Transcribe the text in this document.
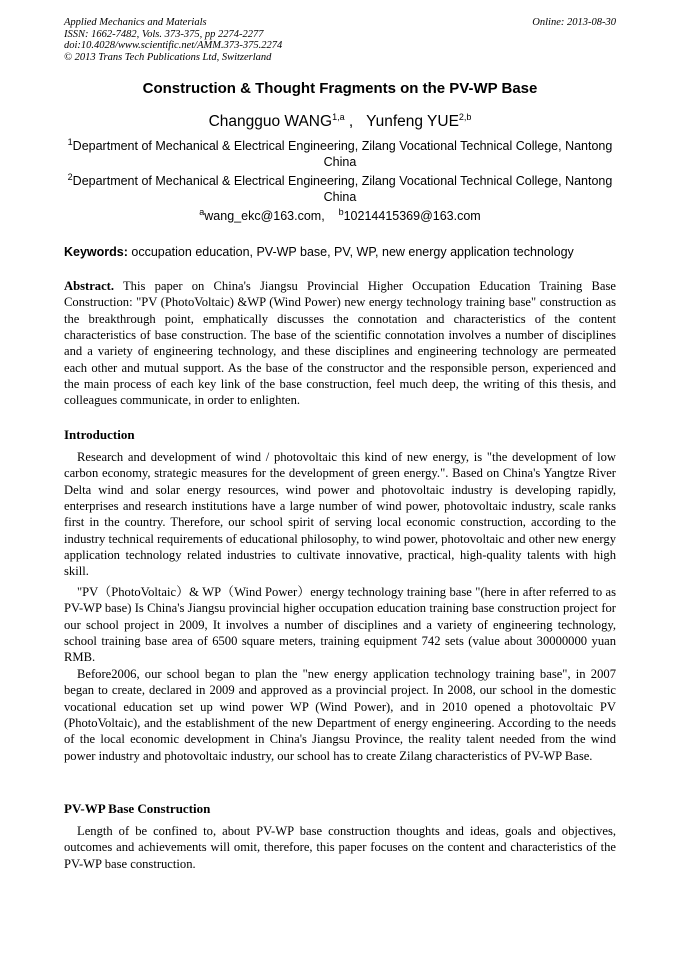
Applied Mechanics and Materials
ISSN: 1662-7482, Vols. 373-375, pp 2274-2277
doi:10.4028/www.scientific.net/AMM.373-375.2274
© 2013 Trans Tech Publications Ltd, Switzerland
Online: 2013-08-30
Construction & Thought Fragments on the PV-WP Base
Changguo WANG$^{1,a}$ , Yunfeng YUE$^{2,b}$
$^1$Department of Mechanical & Electrical Engineering, Zilang Vocational Technical College, Nantong China
$^2$Department of Mechanical & Electrical Engineering, Zilang Vocational Technical College, Nantong China
$^a$wang_ekc@163.com, $^b$10214415369@163.com
Keywords: occupation education, PV-WP base, PV, WP, new energy application technology
Abstract. This paper on China's Jiangsu Provincial Higher Occupation Education Training Base Construction: "PV (PhotoVoltaic) &WP (Wind Power) new energy technology training base" construction as the breakthrough point, emphatically discusses the connotation and characteristics of the content characteristics of base construction. The base of the scientific connotation involves a number of disciplines and a variety of engineering technology, and these disciplines and engineering technology are permeated each other and mutual support. As the base of the constructor and the responsible person, experienced and the main process of each key link of the base construction, feel much deep, the writing of this thesis, and colleagues communicate, in order to enlighten.
Introduction
Research and development of wind / photovoltaic this kind of new energy, is "the development of low carbon economy, strategic measures for the development of green energy.". Based on China's Yangtze River Delta wind and solar energy resources, wind power and photovoltaic industry is developing rapidly, enterprises and research institutions have a large number of wind power, photovoltaic industry, scale ranks first in the country. Therefore, our school spirit of serving local economic construction, according to the industry technical requirements of educational philosophy, to wind power, photovoltaic and other new energy application technology related industries to cultivate innovative, practical, high-quality talents with high skill.
"PV（PhotoVoltaic）& WP（Wind Power）energy technology training base "(here in after referred to as PV-WP base) Is China's Jiangsu provincial higher occupation education training base construction project for our school project in 2009, It involves a number of disciplines and a variety of engineering technology, school training base area of 6500 square meters, training equipment 742 sets (value about 30000000 yuan RMB.
Before2006, our school began to plan the "new energy application technology training base", in 2007 began to create, declared in 2009 and approved as a provincial project. In 2008, our school in the domestic vocational education set up wind power WP (Wind Power), and in 2010 opened a photovoltaic PV (PhotoVoltaic), and the establishment of the new Department of energy engineering. According to the needs of the local economic development in China's Jiangsu Province, the reality talent needed from the wind power industry and photovoltaic industry, our school has to create Zilang characteristics of PV-WP Base.
PV-WP Base Construction
Length of be confined to, about PV-WP base construction thoughts and ideas, goals and objectives, outcomes and achievements will omit, therefore, this paper focuses on the content and characteristics of the PV-WP base construction.
